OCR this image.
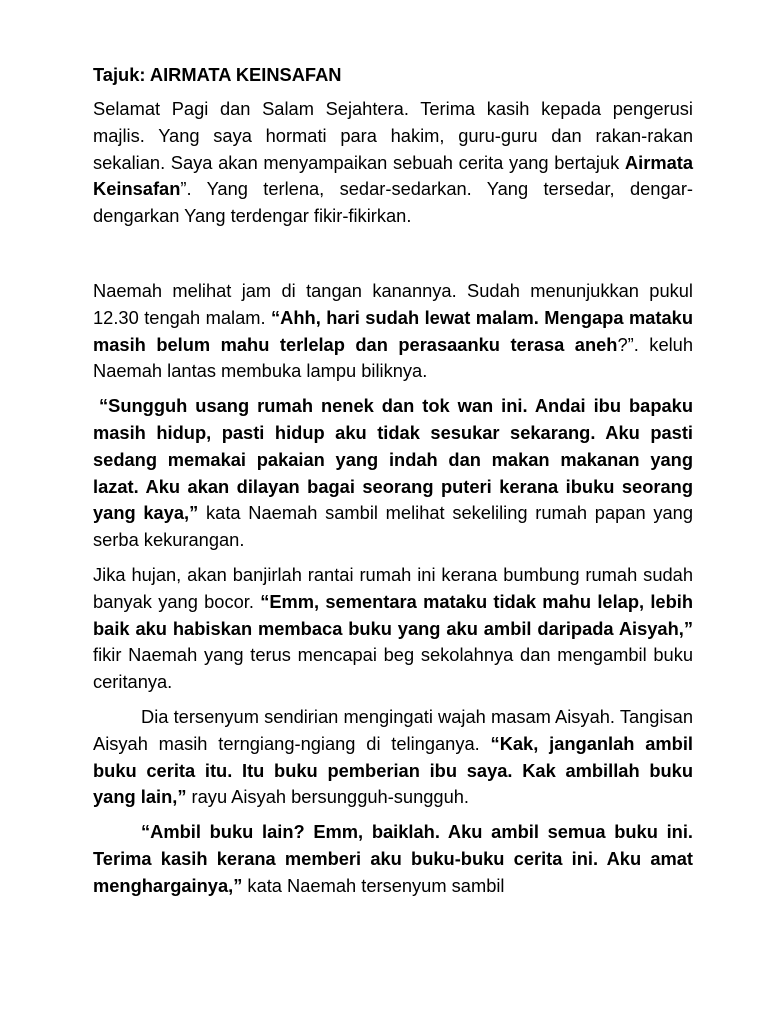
Tajuk: AIRMATA KEINSAFAN

Selamat Pagi dan Salam Sejahtera. Terima kasih kepada pengerusi majlis. Yang saya hormati para hakim, guru-guru dan rakan-rakan sekalian. Saya akan menyampaikan sebuah cerita yang bertajuk Airmata Keinsafan”. Yang terlena, sedar-sedarkan. Yang tersedar, dengar-dengarkan Yang terdengar fikir-fikirkan.

Naemah melihat jam di tangan kanannya. Sudah menunjukkan pukul 12.30 tengah malam. “Ahh, hari sudah lewat malam. Mengapa mataku masih belum mahu terlelap dan perasaanku terasa aneh?”. keluh Naemah lantas membuka lampu biliknya.

“Sungguh usang rumah nenek dan tok wan ini. Andai ibu bapaku masih hidup, pasti hidup aku tidak sesukar sekarang. Aku pasti sedang memakai pakaian yang indah dan makan makanan yang lazat. Aku akan dilayan bagai seorang puteri kerana ibuku seorang yang kaya,” kata Naemah sambil melihat sekeliling rumah papan yang serba kekurangan.

Jika hujan, akan banjirlah rantai rumah ini kerana bumbung rumah sudah banyak yang bocor. “Emm, sementara mataku tidak mahu lelap, lebih baik aku habiskan membaca buku yang aku ambil daripada Aisyah,” fikir Naemah yang terus mencapai beg sekolahnya dan mengambil buku ceritanya.

Dia tersenyum sendirian mengingati wajah masam Aisyah. Tangisan Aisyah masih terngiang-ngiang di telinganya. “Kak, janganlah ambil buku cerita itu. Itu buku pemberian ibu saya. Kak ambillah buku yang lain,” rayu Aisyah bersungguh-sungguh.

“Ambil buku lain? Emm, baiklah. Aku ambil semua buku ini. Terima kasih kerana memberi aku buku-buku cerita ini. Aku amat menghargainya,” kata Naemah tersenyum sambil
